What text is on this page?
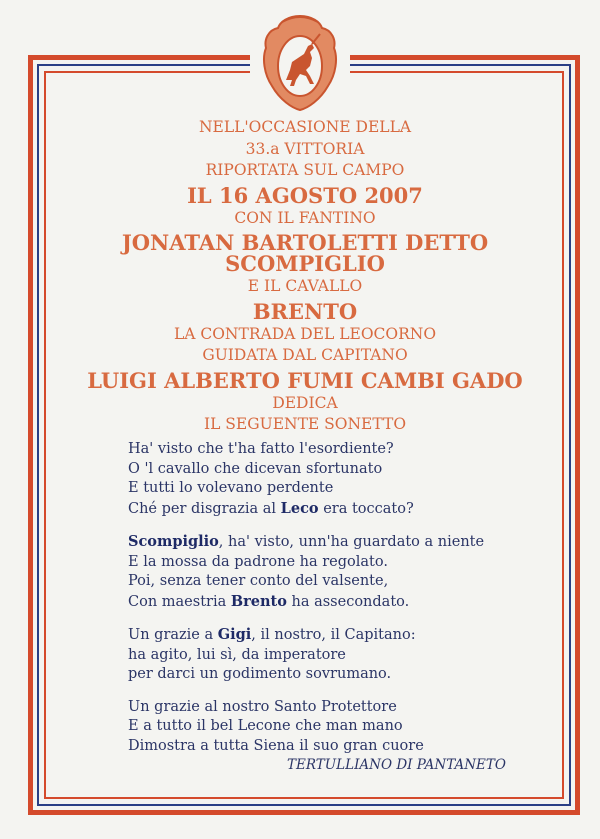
NELL'OCCASIONE DELLA
33.a VITTORIA
RIPORTATA SUL CAMPO
IL 16 AGOSTO 2007
CON IL FANTINO
JONATAN BARTOLETTI DETTO SCOMPIGLIO
E IL CAVALLO
BRENTO
LA CONTRADA DEL LEOCORNO
GUIDATA DAL CAPITANO
LUIGI ALBERTO FUMI CAMBI GADO
DEDICA
IL SEGUENTE SONETTO
Ha' visto che t'ha fatto l'esordiente?
O 'l cavallo che dicevan sfortunato
E tutti lo volevano perdente
Ché per disgrazia al Leco era toccato?
Scompiglio, ha' visto, unn'ha guardato a niente
E la mossa da padrone ha regolato.
Poi, senza tener conto del valsente,
Con maestria Brento ha assecondato.
Un grazie a Gigi, il nostro, il Capitano:
ha agito, lui sì, da imperatore
per darci un godimento sovrumano.
Un grazie al nostro Santo Protettore
E a tutto il bel Lecone che man mano
Dimostra a tutta Siena il suo gran cuore
TERTULLIANO DI PANTANETO
